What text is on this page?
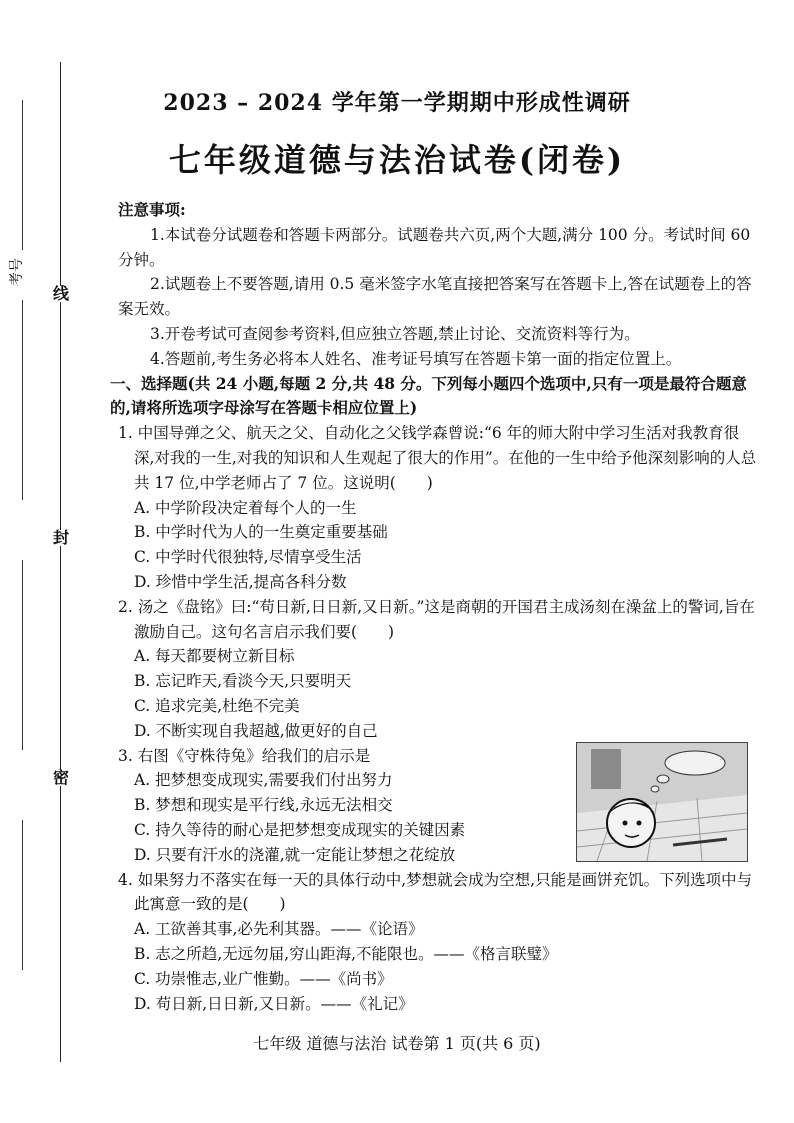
线
封
密
考号
2023 – 2024 学年第一学期期中形成性调研
七年级道德与法治试卷(闭卷)
注意事项:
1.本试卷分试题卷和答题卡两部分。试题卷共六页,两个大题,满分 100 分。考试时间 60 分钟。
2.试题卷上不要答题,请用 0.5 毫米签字水笔直接把答案写在答题卡上,答在试题卷上的答案无效。
3.开卷考试可查阅参考资料,但应独立答题,禁止讨论、交流资料等行为。
4.答题前,考生务必将本人姓名、准考证号填写在答题卡第一面的指定位置上。
一、选择题(共 24 小题,每题 2 分,共 48 分。下列每小题四个选项中,只有一项是最符合题意的,请将所选项字母涂写在答题卡相应位置上)
1. 中国导弹之父、航天之父、自动化之父钱学森曾说:“6 年的师大附中学习生活对我教育很深,对我的一生,对我的知识和人生观起了很大的作用”。在他的一生中给予他深刻影响的人总共 17 位,中学老师占了 7 位。这说明(　　)
A. 中学阶段决定着每个人的一生
B. 中学时代为人的一生奠定重要基础
C. 中学时代很独特,尽情享受生活
D. 珍惜中学生活,提高各科分数
2. 汤之《盘铭》曰:“苟日新,日日新,又日新。”这是商朝的开国君主成汤刻在澡盆上的警词,旨在激励自己。这句名言启示我们要(　　)
A. 每天都要树立新目标
B. 忘记昨天,看淡今天,只要明天
C. 追求完美,杜绝不完美
D. 不断实现自我超越,做更好的自己
3. 右图《守株待兔》给我们的启示是
A. 把梦想变成现实,需要我们付出努力
B. 梦想和现实是平行线,永远无法相交
C. 持久等待的耐心是把梦想变成现实的关键因素
D. 只要有汗水的浇灌,就一定能让梦想之花绽放
4. 如果努力不落实在每一天的具体行动中,梦想就会成为空想,只能是画饼充饥。下列选项中与此寓意一致的是(　　)
A. 工欲善其事,必先利其器。——《论语》
B. 志之所趋,无远勿届,穷山距海,不能限也。——《格言联璧》
C. 功崇惟志,业广惟勤。——《尚书》
D. 苟日新,日日新,又日新。——《礼记》
七年级 道德与法治 试卷第 1 页(共 6 页)
